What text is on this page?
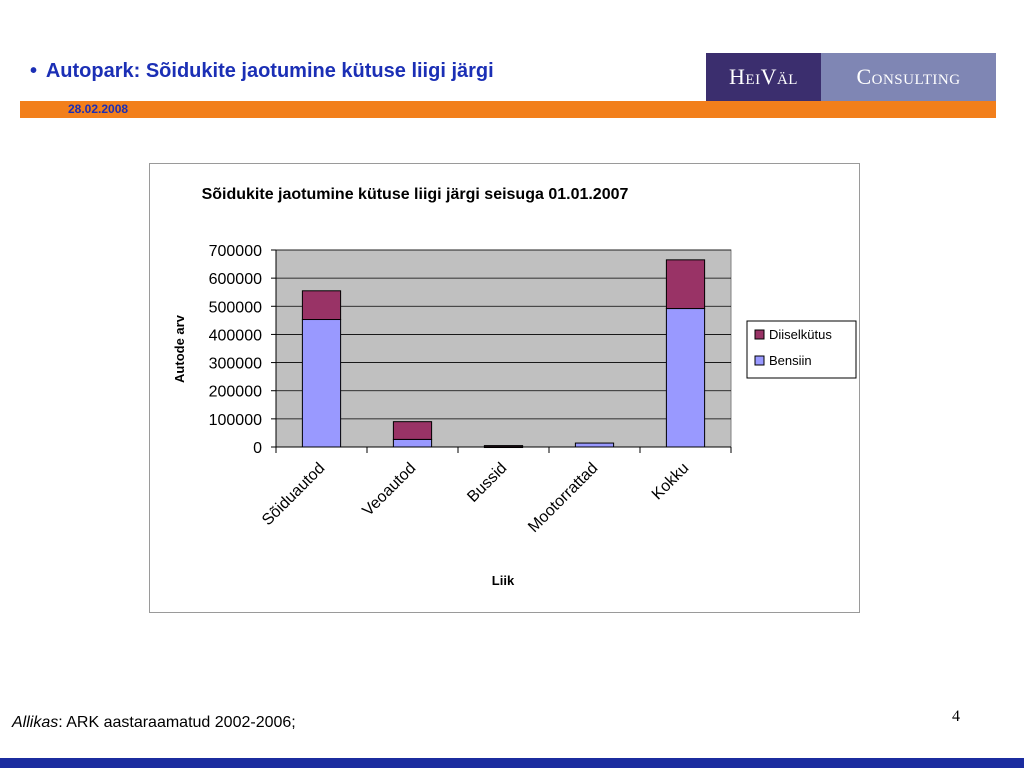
• Autopark: Sõidukite jaotumine kütuse liigi järgi	HeiVäl	Consulting
28.02.2008
Sõidukite jaotumine kütuse liigi järgi seisuga 01.01.2007
0
100000
200000
300000
400000
500000
600000
700000
Sõiduautod Veoautod	Bussid Mootorrattad	Kokku
Diiselkütus
Bensiin
Liik
Autode arv
Allikas: ARK aastaraamatud 2002-2006;	4
